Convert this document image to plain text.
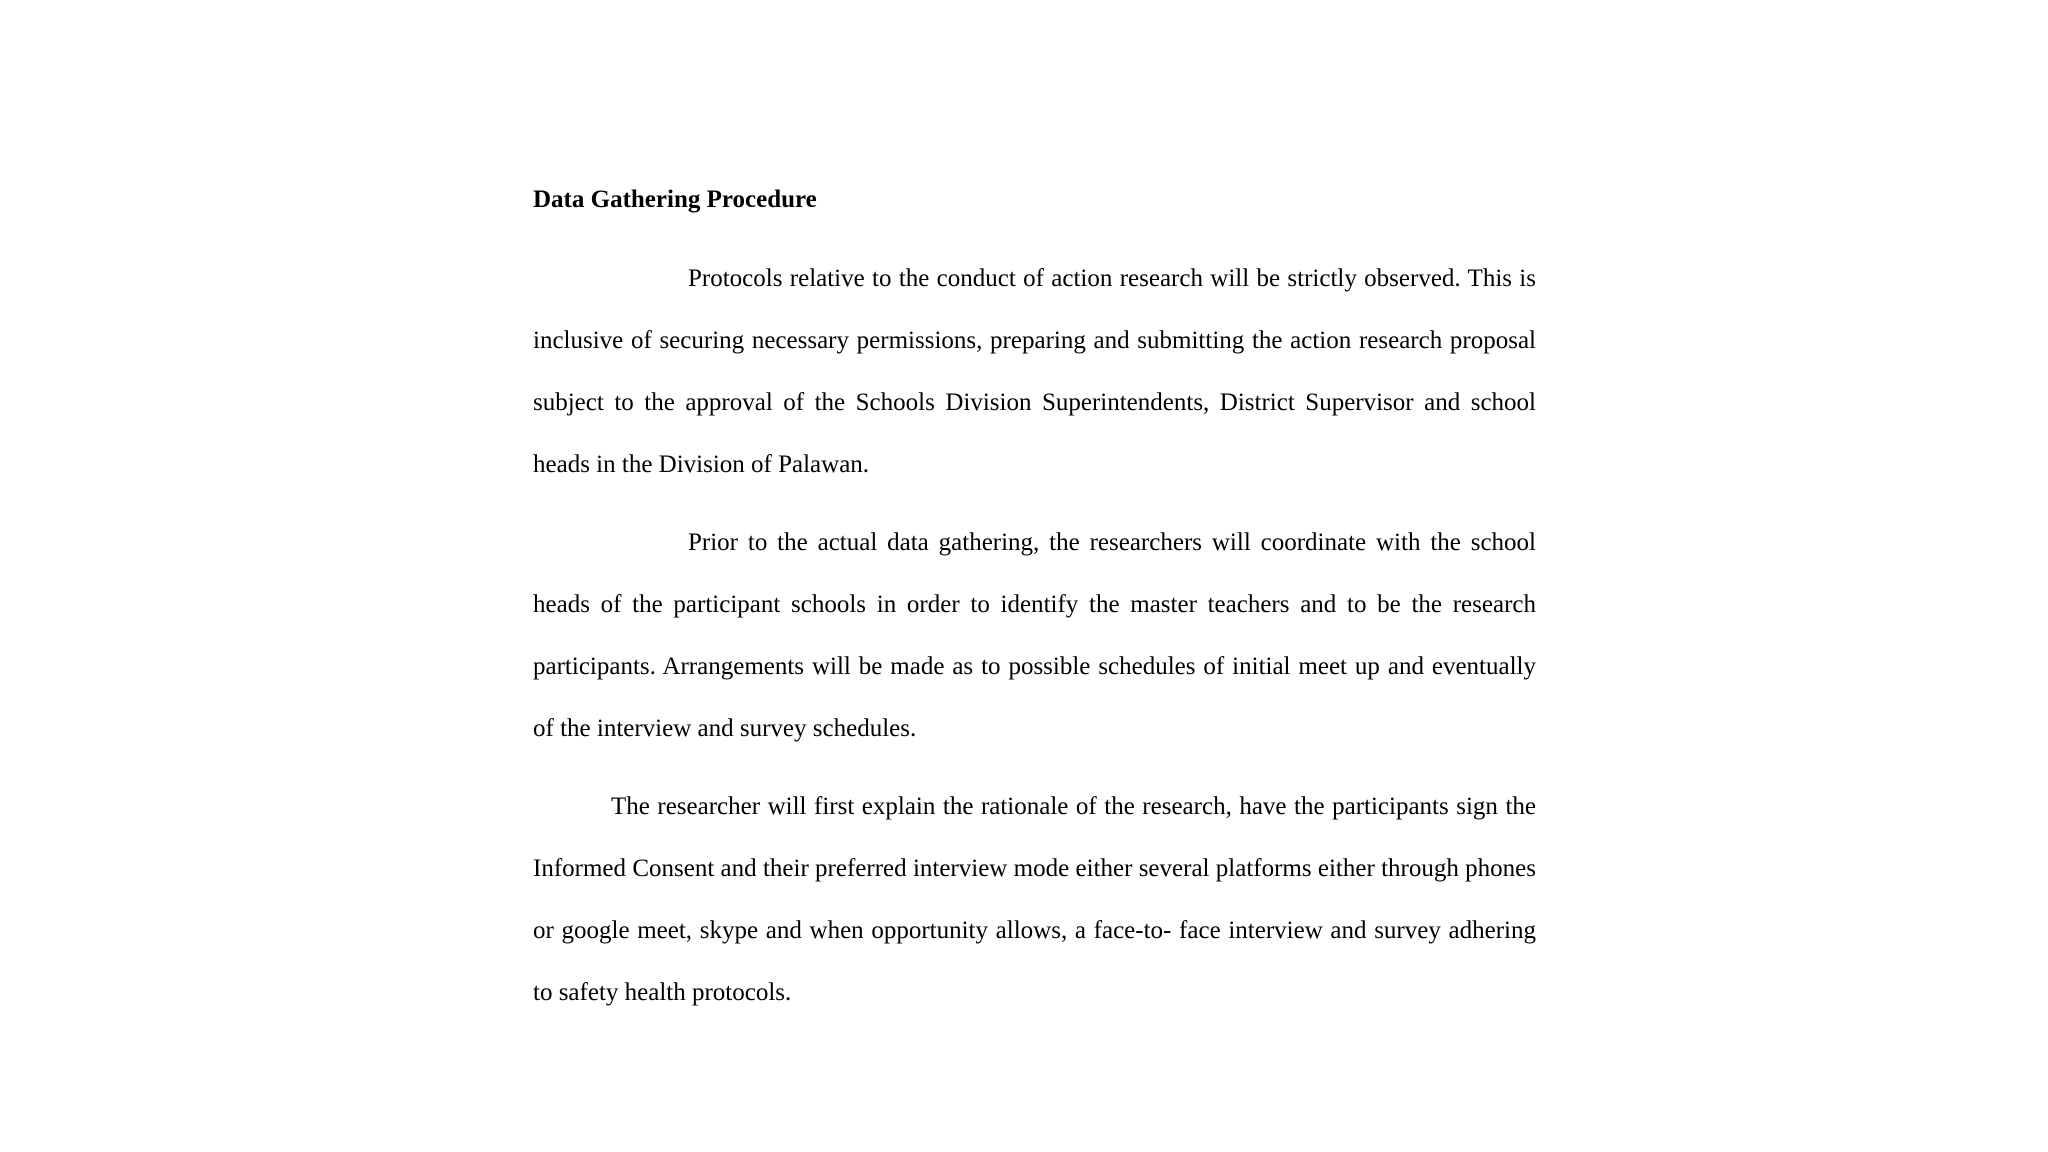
Data Gathering Procedure

Protocols relative to the conduct of action research will be strictly observed. This is inclusive of securing necessary permissions, preparing and submitting the action research proposal subject to the approval of the Schools Division Superintendents, District Supervisor and school heads in the Division of Palawan.

Prior to the actual data gathering, the researchers will coordinate with the school heads of the participant schools in order to identify the master teachers and to be the research participants. Arrangements will be made as to possible schedules of initial meet up and eventually of the interview and survey schedules.

The researcher will first explain the rationale of the research, have the participants sign the Informed Consent and their preferred interview mode either several platforms either through phones or google meet, skype and when opportunity allows, a face-to- face interview and survey adhering to safety health protocols.
